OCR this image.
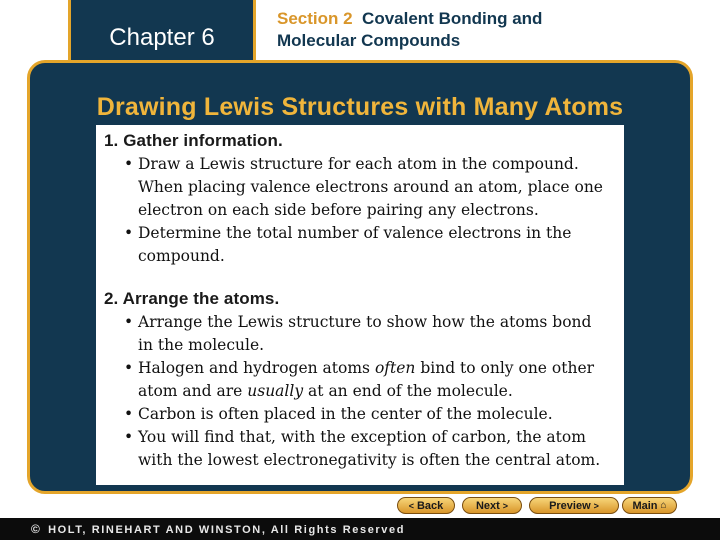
Chapter 6
Section 2 Covalent Bonding and
Molecular Compounds
Drawing Lewis Structures with Many Atoms
1. Gather information.
• Draw a Lewis structure for each atom in the compound.
When placing valence electrons around an atom, place one
electron on each side before pairing any electrons.
• Determine the total number of valence electrons in the
compound.
2. Arrange the atoms.
• Arrange the Lewis structure to show how the atoms bond
in the molecule.
• Halogen and hydrogen atoms often bind to only one other
atom and are usually at an end of the molecule.
• Carbon is often placed in the center of the molecule.
• You will find that, with the exception of carbon, the atom
with the lowest electronegativity is often the central atom.
< Back	Next >	Preview >	Main ⌂
© HOLT, RINEHART AND WINSTON, All Rights Reserved
